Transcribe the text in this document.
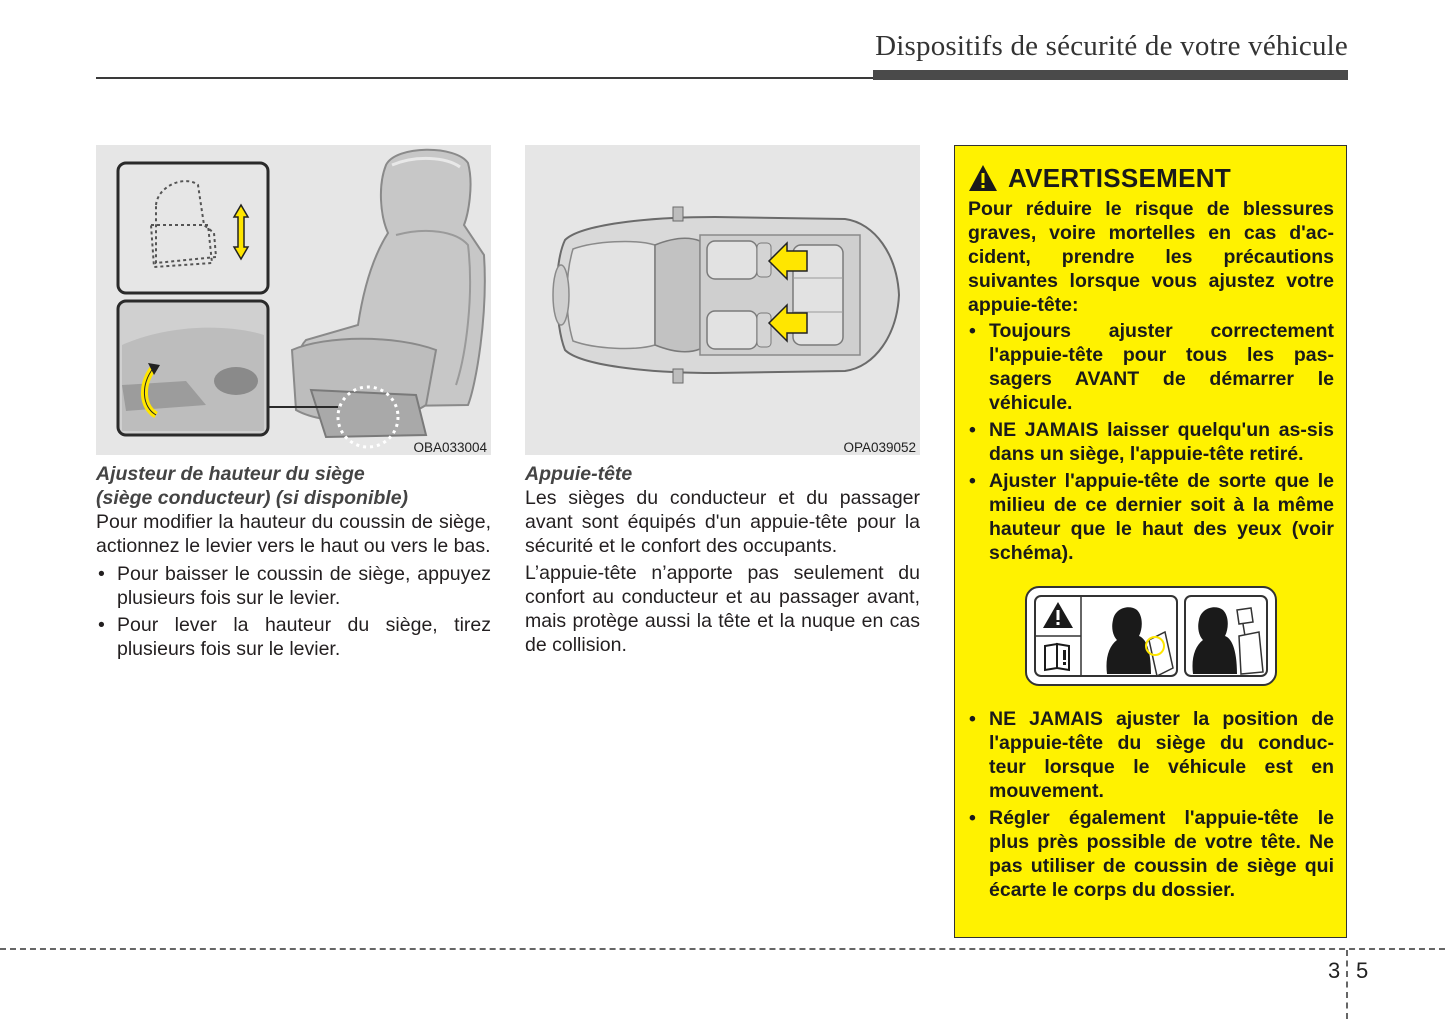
Dispositifs de sécurité de votre véhicule
OBA033004	OPA039052

Ajusteur de hauteur du siège
(siège conducteur) (si disponible)

Pour modifier la hauteur du coussin de siège, actionnez le levier vers le haut ou vers le bas.

• Pour baisser le coussin de siège, appuyez plusieurs fois sur le levier.
• Pour lever la hauteur du siège, tirez plusieurs fois sur le levier.

Appuie-tête

Les sièges du conducteur et du passager avant sont équipés d'un appuie-tête pour la sécurité et le confort des occupants.

L’appuie-tête n’apporte pas seulement du confort au conducteur et au passager avant, mais protège aussi la tête et la nuque en cas de collision.

AVERTISSEMENT

Pour réduire le risque de blessures graves, voire mortelles en cas d'ac-cident, prendre les précautions suivantes lorsque vous ajustez votre appuie-tête:

• Toujours ajuster correctement l'appuie-tête pour tous les pas-sagers AVANT de démarrer le véhicule.
• NE JAMAIS laisser quelqu'un as-sis dans un siège, l'appuie-tête retiré.
• Ajuster l'appuie-tête de sorte que le milieu de ce dernier soit à la même hauteur que le haut des yeux (voir schéma).
• NE JAMAIS ajuster la position de l'appuie-tête du siège du conduc-teur lorsque le véhicule est en mouvement.
• Régler également l'appuie-tête le plus près possible de votre tête. Ne pas utiliser de coussin de siège qui écarte le corps du dossier.
3 5
